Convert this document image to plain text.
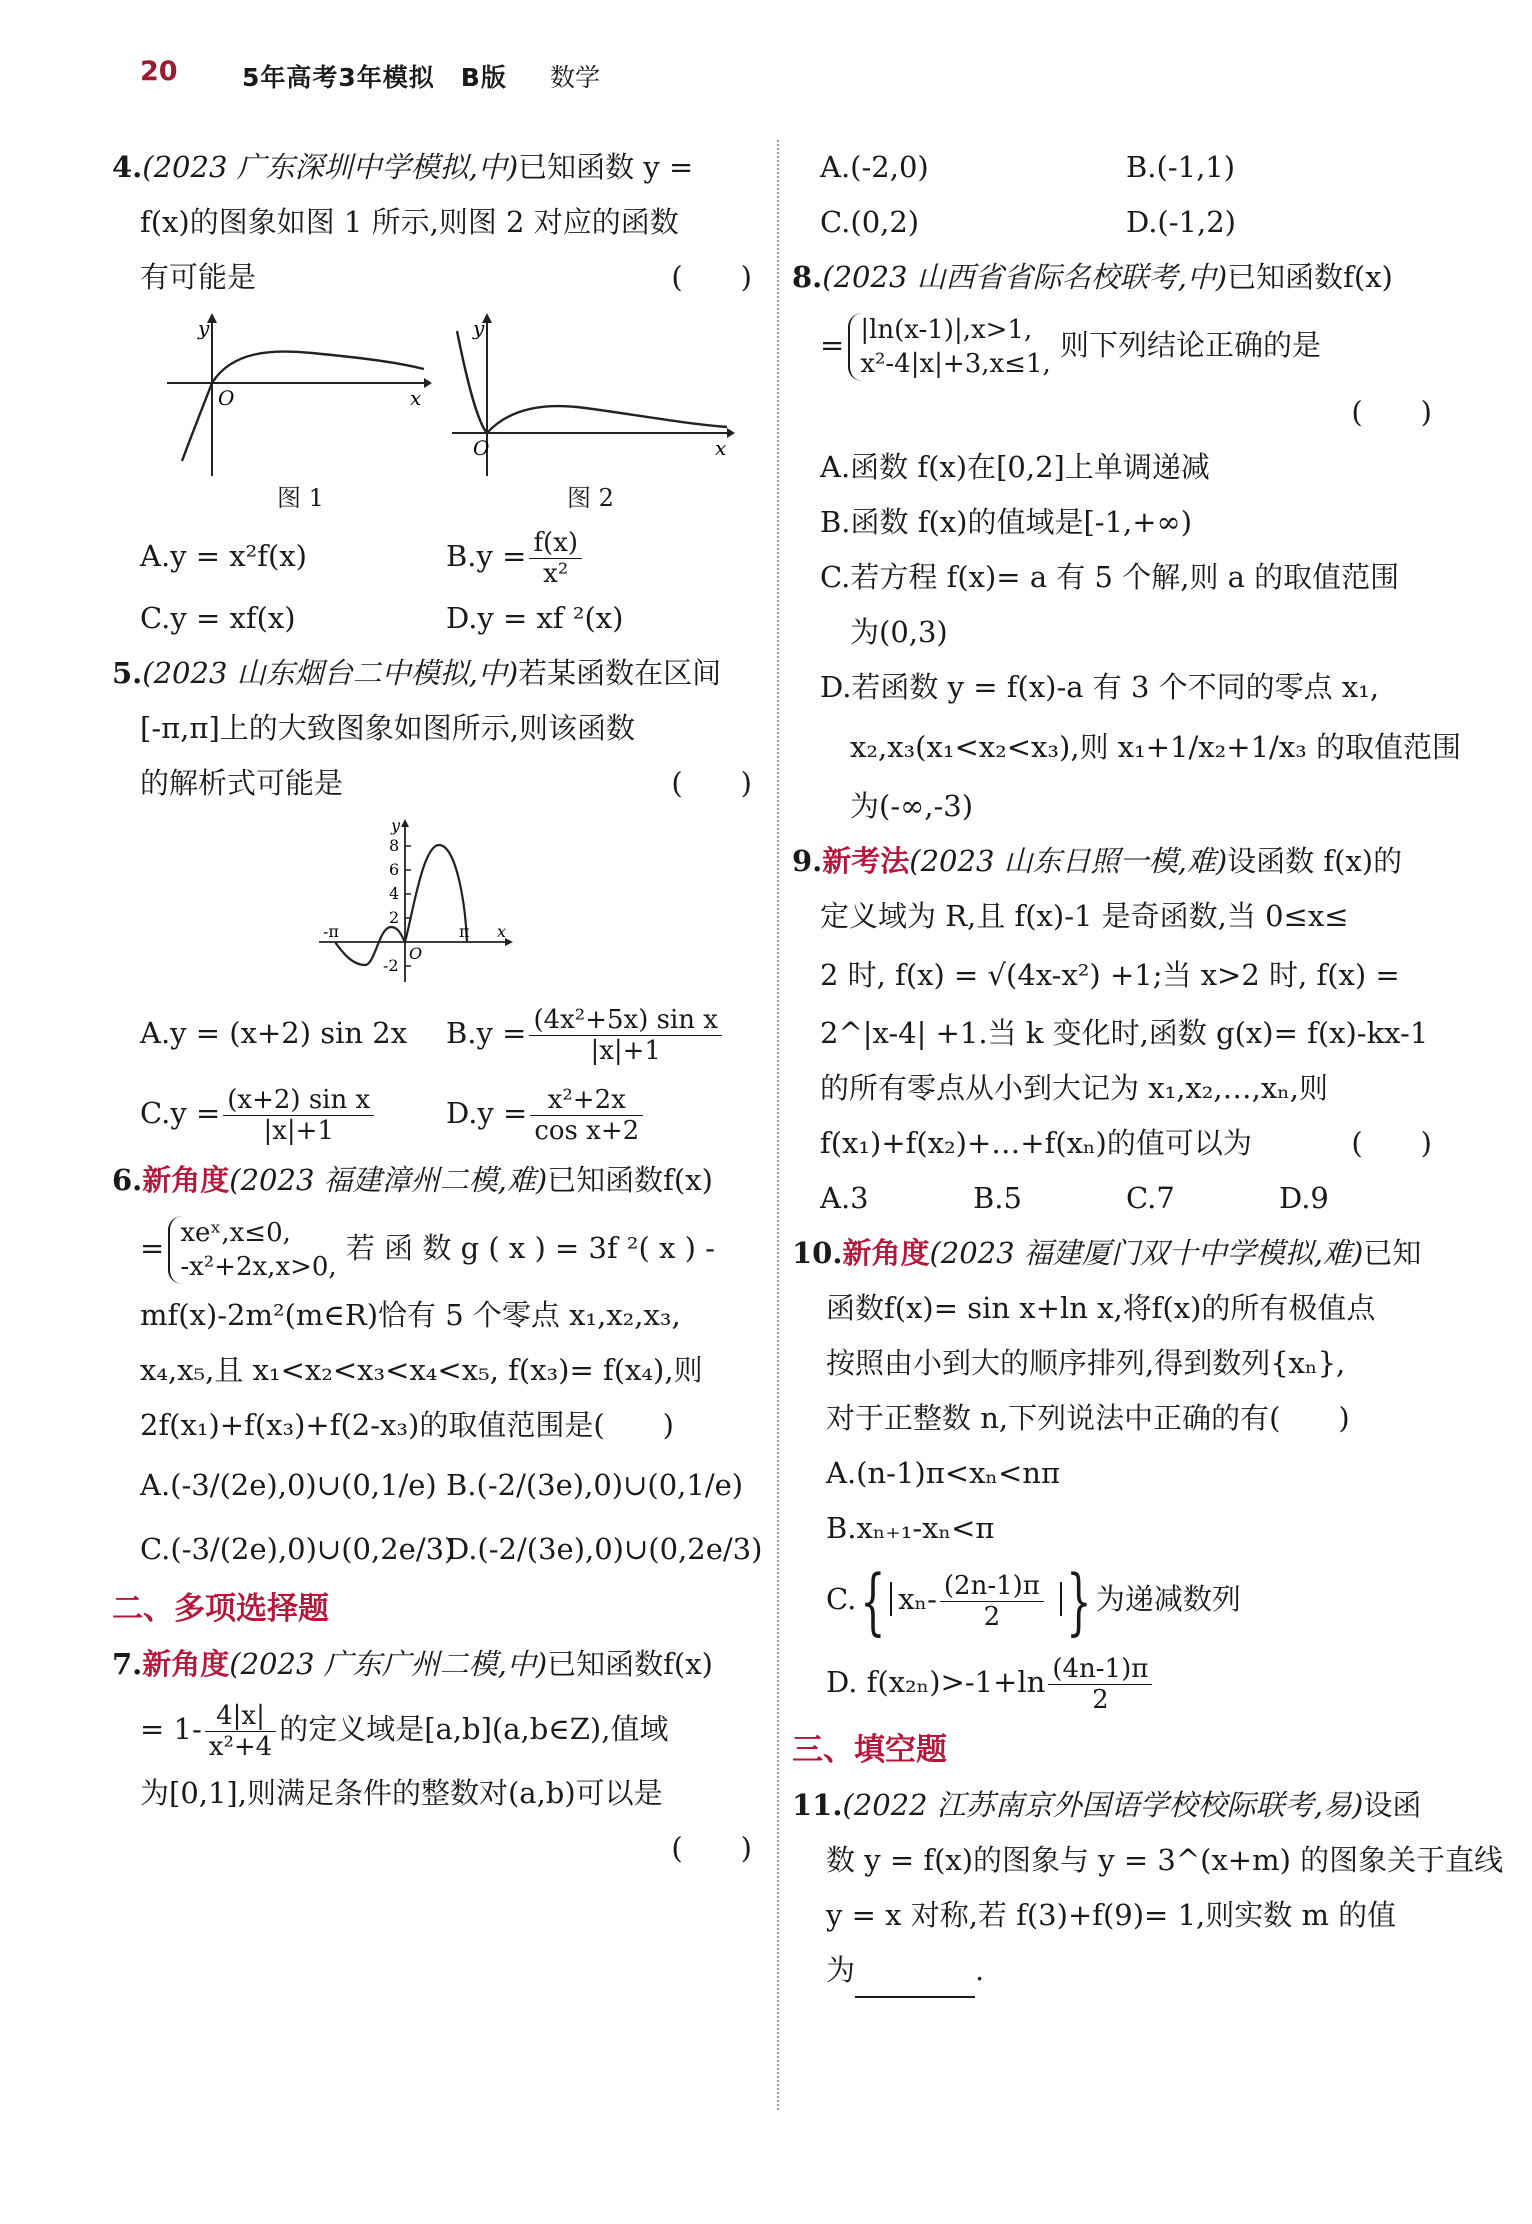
20	5年高考3年模拟　B版 数学
4.(2023 广东深圳中学模拟,中)已知函数 y =
f(x)的图象如图 1 所示,则图 2 对应的函数
有可能是	(　　)
y
O	x
y
O	x
图 1	图 2
A.y = x²f(x)	$B.y = \frac{f(x)}{\text{x²}}$
C.y = xf(x)	D.y = xf ²(x)
5.(2023 山东烟台二中模拟,中)若某函数在区间
[-π,π]上的大致图象如图所示,则该函数
的解析式可能是	(　　)
y
8
6
4
2
O
-2
-π	π x
A.y = (x+2) sin 2x	$B.y = \frac{\text{(4x²+5x) sin x}}{|x|+1}$
$C.y = \frac{\text{(x+2) sin x}}{|x|+1} D.y = \frac{\text{x²+2x}}{\text{cos x+2}}$
6.新角度(2023 福建漳州二模,难)已知函数f(x)
= xeˣ,x≤0,
-x²+2x,x>0,
若 函 数 g ( x ) = 3f ²( x ) -
mf(x)-2m²(m∈R)恰有 5 个零点 x₁,x₂,x₃,
x₄,x₅,且 x₁<x₂<x₃<x₄<x₅, f(x₃)= f(x₄),则
2f(x₁)+f(x₃)+f(2-x₃)的取值范围是(　　)
A.(-3/(2e),0)∪(0,1/e) B.(-2/(3e),0)∪(0,1/e)
C.(-3/(2e),0)∪(0,2e/3)
D.(-2/(3e),0)∪(0,2e/3)
二、多项选择题
7.新角度(2023 广东广州二模,中)已知函数f(x)
= $1- \frac{4|x|}{\text{x²+4}}$ 的定义域是[a,b](a,b∈Z),值域
为[0,1],则满足条件的整数对(a,b)可以是
(　　)
A.(-2,0)	B.(-1,1)
C.(0,2)	D.(-1,2)
8.(2023 山西省省际名校联考,中)已知函数f(x)
= |ln(x-1)|,x>1,
x²-4|x|+3,x≤1,
则下列结论正确的是
(　　)
A.函数 f(x)在[0,2]上单调递减
B.函数 f(x)的值域是[-1,+∞)
C.若方程 f(x)= a 有 5 个解,则 a 的取值范围
为(0,3)
D.若函数 y = f(x)-a 有 3 个不同的零点 x₁,
x₂,x₃(x₁<x₂<x₃),则 x₁+1/x₂+1/x₃ 的取值范围
为(-∞,-3)
9.新考法(2023 山东日照一模,难)设函数 f(x)的
定义域为 R,且 f(x)-1 是奇函数,当 0≤x≤
2 时, f(x) = √(4x-x²) +1;当 x>2 时, f(x) =
2^|x-4| +1.当 k 变化时,函数 g(x)= f(x)-kx-1
的所有零点从小到大记为 x₁,x₂,…,xₙ,则
f(x₁)+f(x₂)+…+f(xₙ)的值可以为	(　　)
A.3	B.5	C.7	D.9
10.新角度(2023 福建厦门双十中学模拟,难)已知
函数f(x)= sin x+ln x,将f(x)的所有极值点
按照由小到大的顺序排列,得到数列{xₙ},
对于正整数 n,下列说法中正确的有(　　)
A.(n-1)π<xₙ<nπ
B.xₙ₊₁-xₙ<π
C.{ $x_n- \frac{(2n-1)\pi}{2}$ } 为递减数列
D. $f(x_{2n})>-1+\ln \frac{(4n-1)\pi}{2}$
三、填空题
11.(2022 江苏南京外国语学校校际联考,易)设函
数 y = f(x)的图象与 y = 3^(x+m) 的图象关于直线
y = x 对称,若 f(3)+f(9)= 1,则实数 m 的值
为	.
